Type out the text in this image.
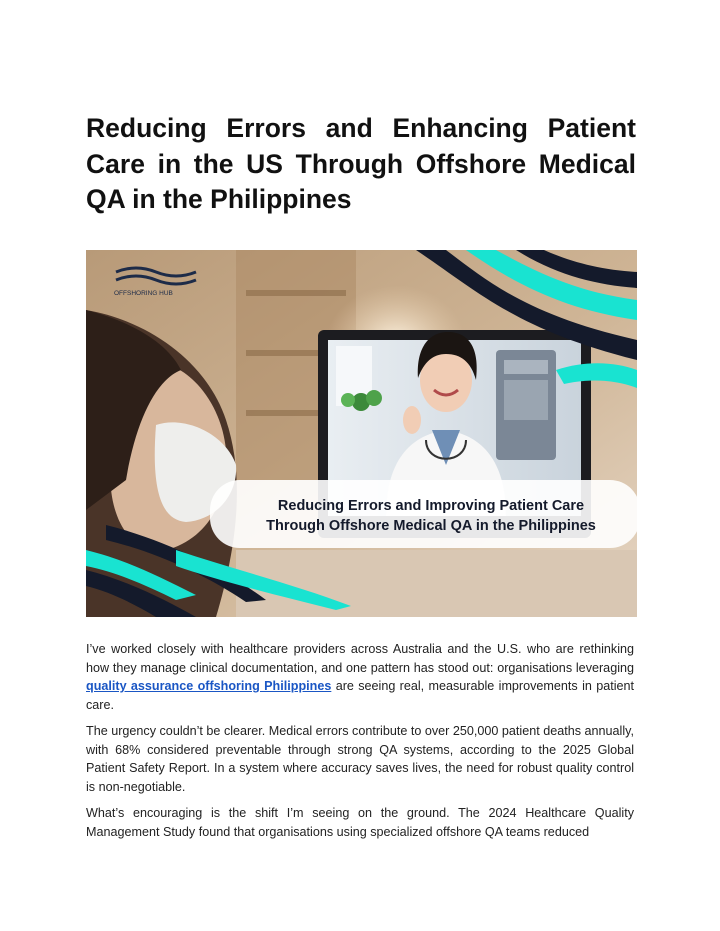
Reducing Errors and Enhancing Patient Care in the US Through Offshore Medical QA in the Philippines
OFFSHORING HUB
Reducing Errors and Improving Patient Care
Through Offshore Medical QA in the Philippines

I’ve worked closely with healthcare providers across Australia and the U.S. who are rethinking how they manage clinical documentation, and one pattern has stood out: organisations leveraging quality assurance offshoring Philippines are seeing real, measurable improvements in patient care.

The urgency couldn’t be clearer. Medical errors contribute to over 250,000 patient deaths annually, with 68% considered preventable through strong QA systems, according to the 2025 Global Patient Safety Report. In a system where accuracy saves lives, the need for robust quality control is non-negotiable.

What’s encouraging is the shift I’m seeing on the ground. The 2024 Healthcare Quality Management Study found that organisations using specialized offshore QA teams reduced
